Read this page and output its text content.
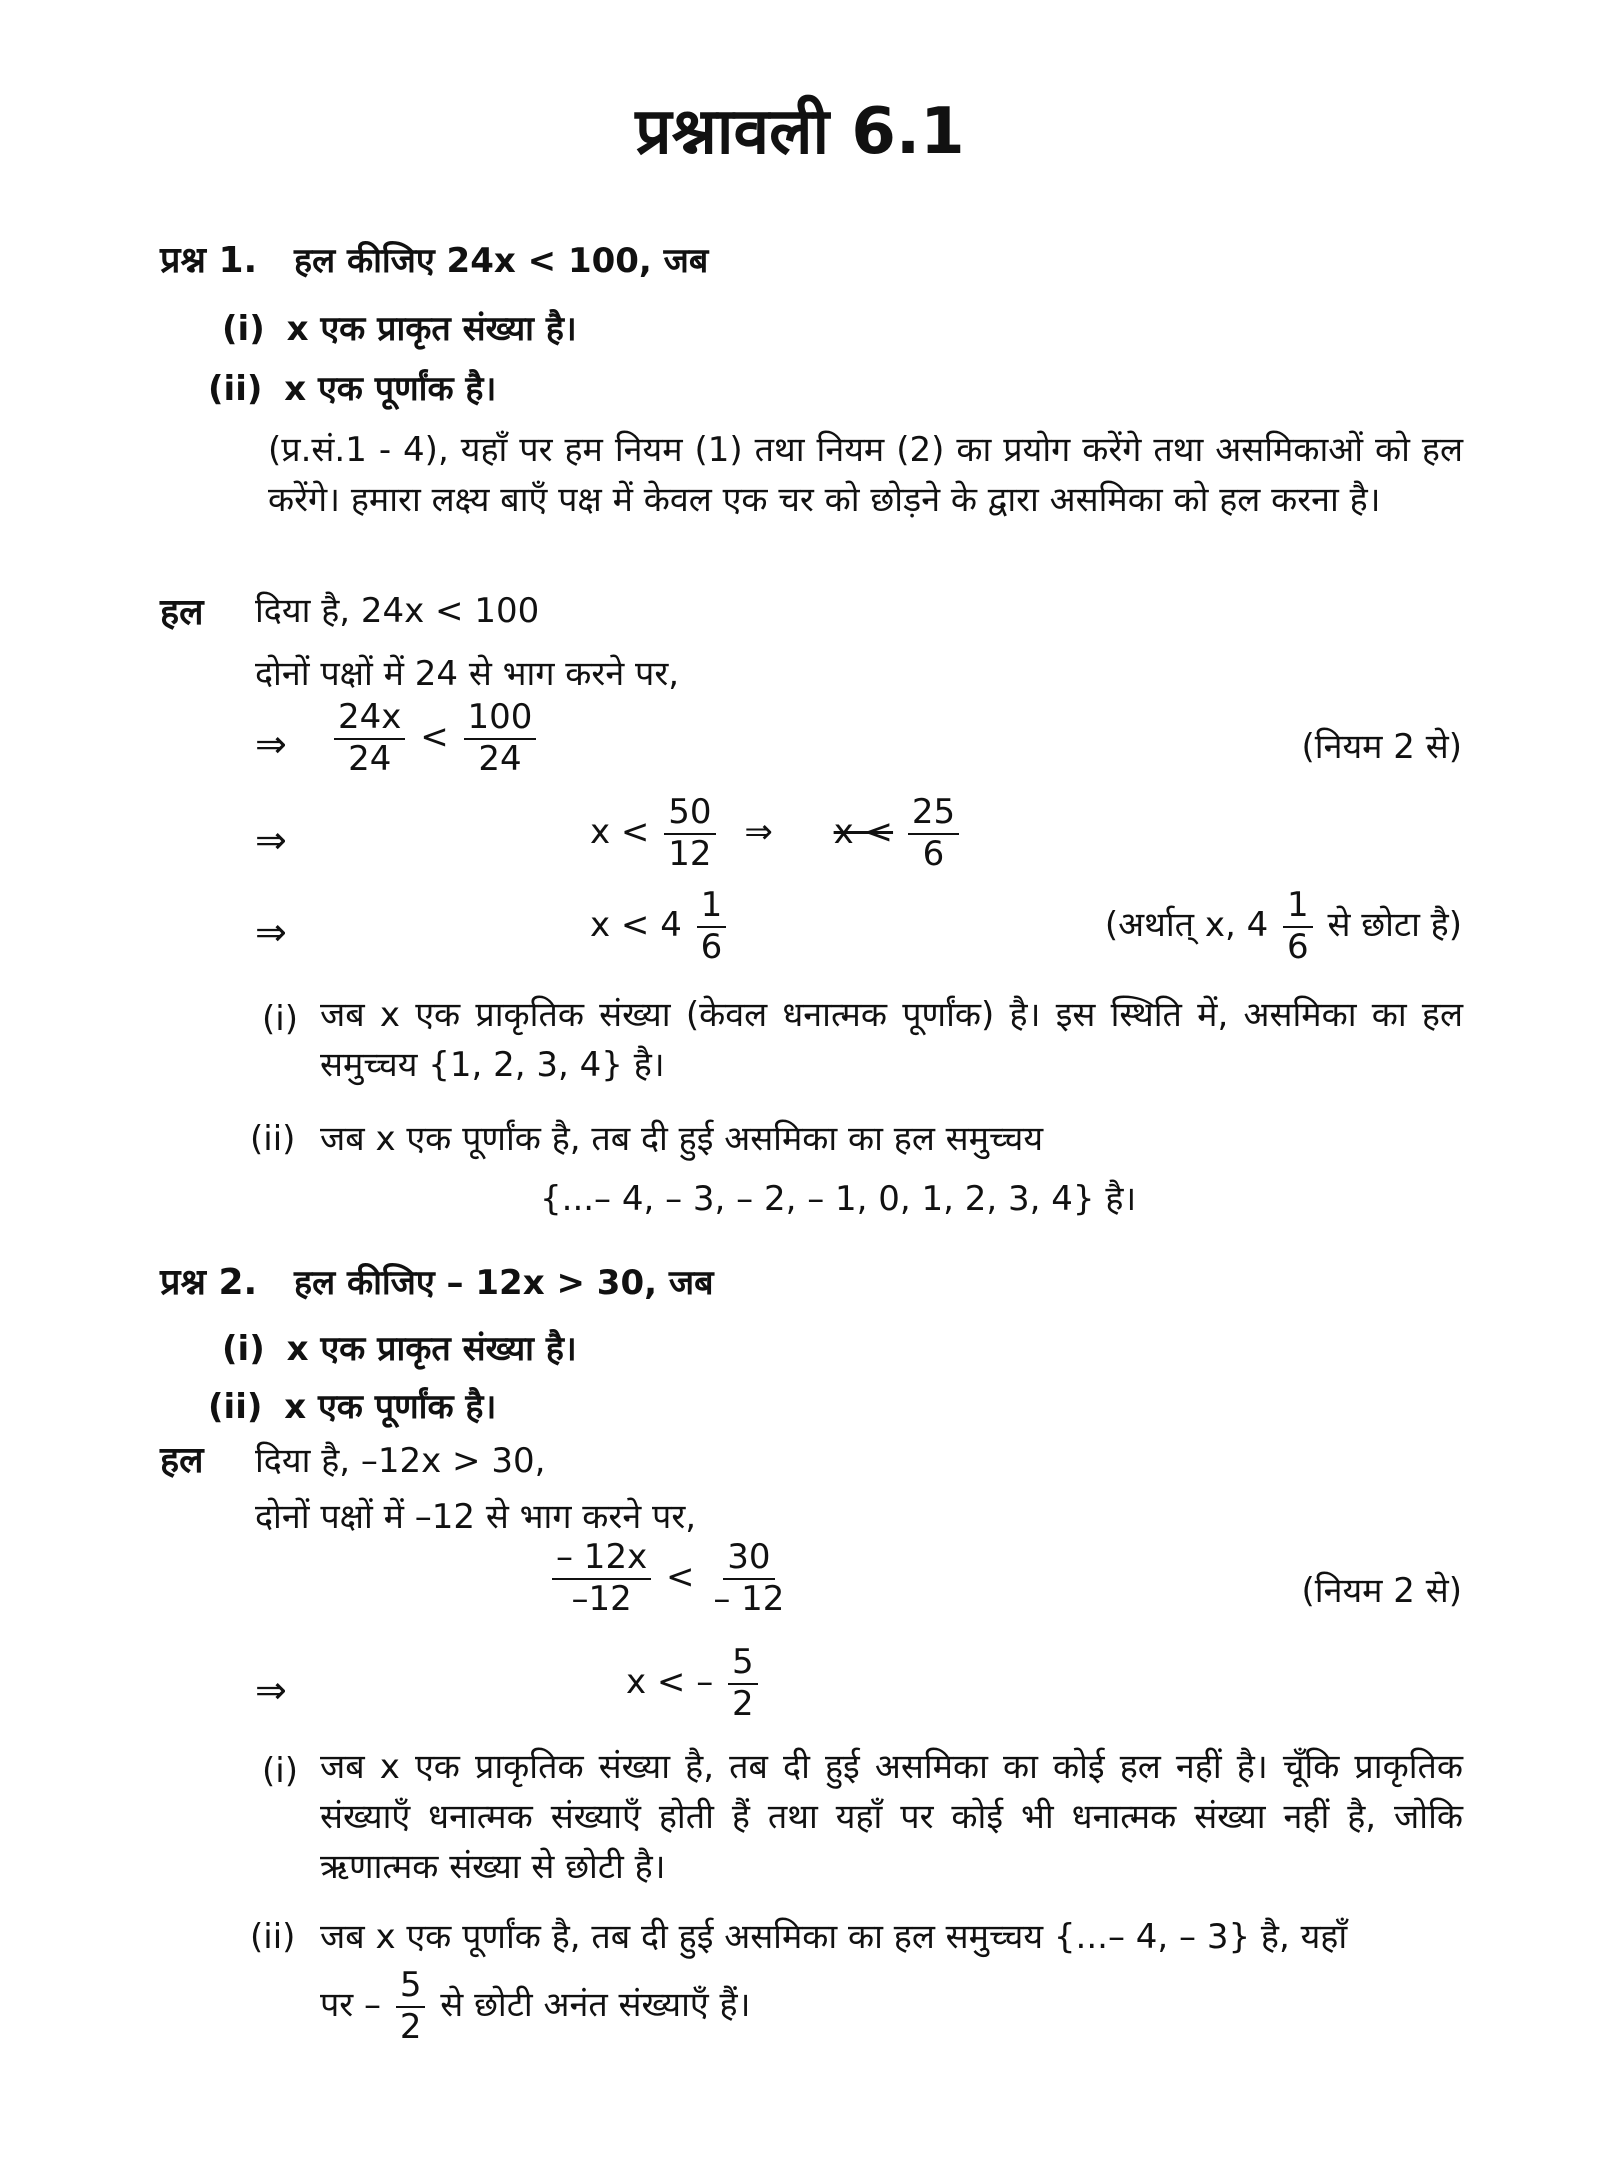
प्रश्नावली 6.1
प्रश्न 1. हल कीजिए 24x < 100, जब
(i) x एक प्राकृत संख्या है।
(ii) x एक पूर्णांक है।
(प्र.सं.1 - 4), यहाँ पर हम नियम (1) तथा नियम (2) का प्रयोग करेंगे तथा असमिकाओं को हल करेंगे। हमारा लक्ष्य बाएँ पक्ष में केवल एक चर को छोड़ने के द्वारा असमिका को हल करना है।
हल दिया है, 24x < 100
दोनों पक्षों में 24 से भाग करने पर,
⇒ $\frac{24x}{24} < \frac{100}{24}$	(नियम 2 से)
⇒	$x < \frac{50}{12}$ ⇒ $x < \frac{25}{6}$
⇒	$x < 4 \frac{1}{6}$	(अर्थात् x, $4 \frac{1}{6}$ से छोटा है)
(i) जब x एक प्राकृतिक संख्या (केवल धनात्मक पूर्णांक) है। इस स्थिति में, असमिका का हल समुच्चय {1, 2, 3, 4} है।
(ii) जब x एक पूर्णांक है, तब दी हुई असमिका का हल समुच्चय
{...– 4, – 3, – 2, – 1, 0, 1, 2, 3, 4} है।
प्रश्न 2. हल कीजिए – 12x > 30, जब
(i) x एक प्राकृत संख्या है।
(ii) x एक पूर्णांक है।
हल दिया है, –12x > 30,
दोनों पक्षों में –12 से भाग करने पर,
$\frac{- 12x}{-12} < \frac{30}{- 12}$	(नियम 2 से)
⇒	x < – $\frac{5}{2}$
(i) जब x एक प्राकृतिक संख्या है, तब दी हुई असमिका का कोई हल नहीं है। चूँकि प्राकृतिक संख्याएँ धनात्मक संख्याएँ होती हैं तथा यहाँ पर कोई भी धनात्मक संख्या नहीं है, जोकि ऋणात्मक संख्या से छोटी है।
(ii) जब x एक पूर्णांक है, तब दी हुई असमिका का हल समुच्चय {...– 4, – 3} है, यहाँ
पर – $\frac{5}{2}$ से छोटी अनंत संख्याएँ हैं।
